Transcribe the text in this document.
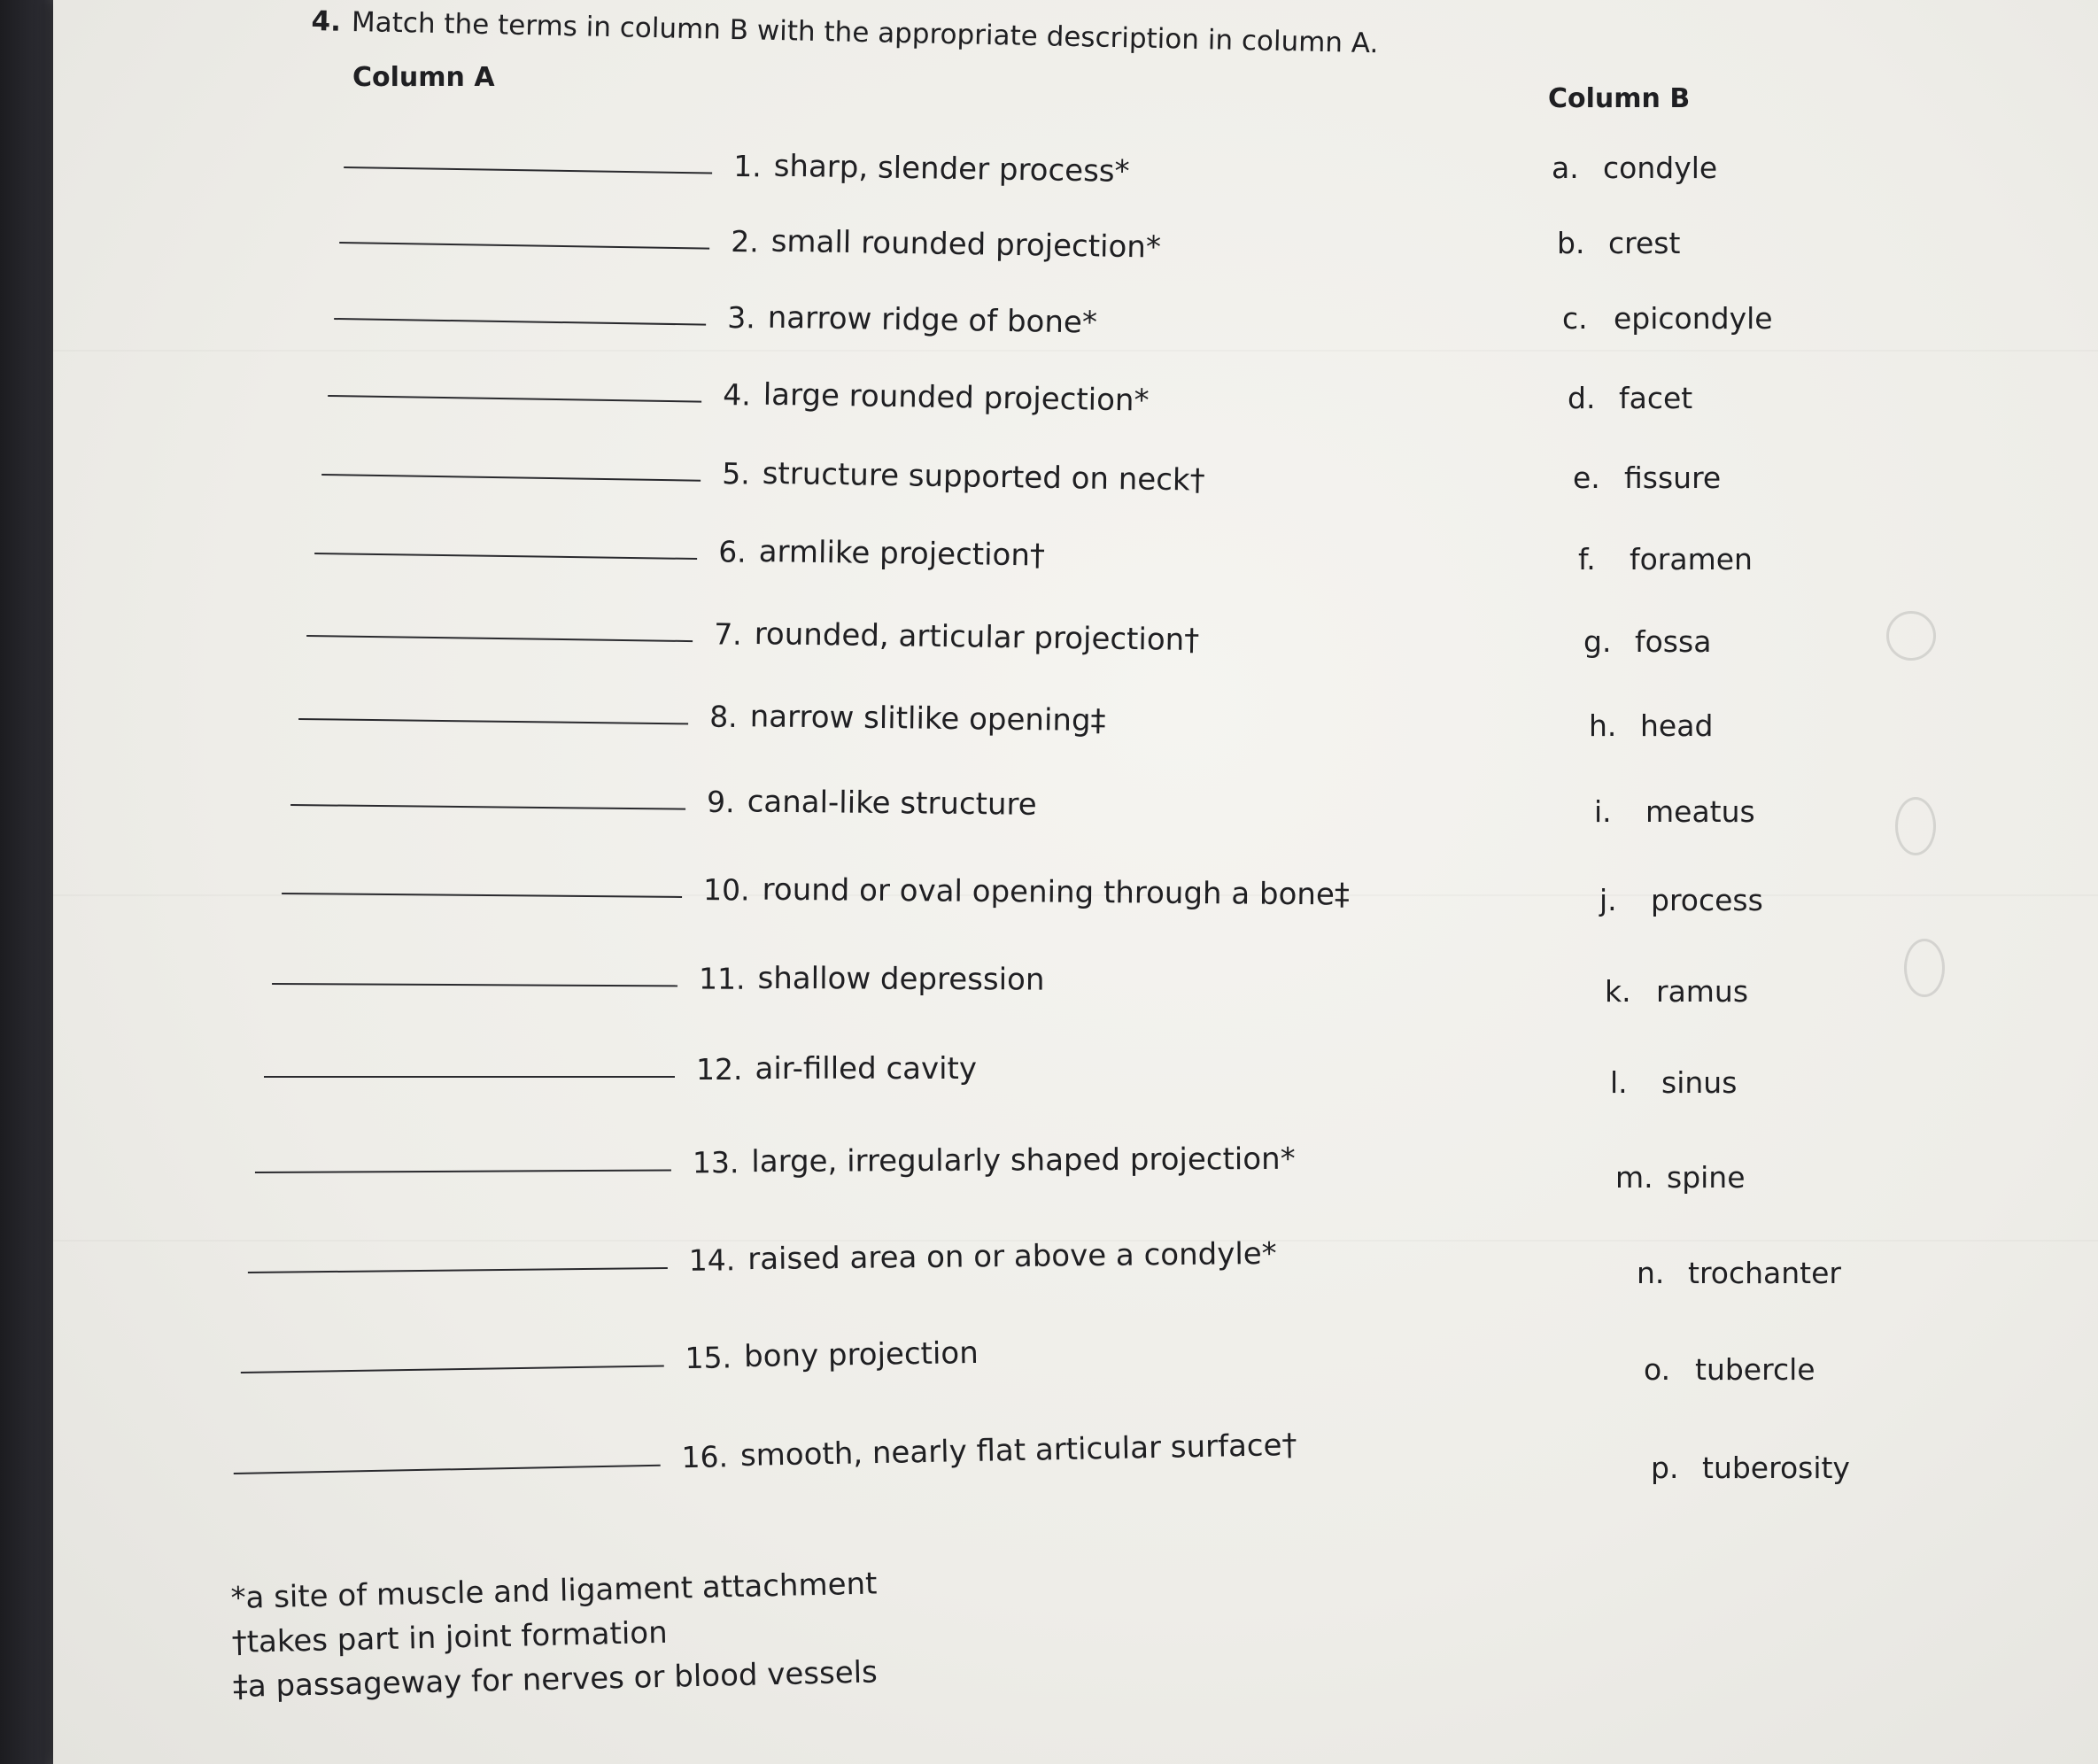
4. Match the terms in column B with the appropriate description in column A.
Column A
Column B
1. sharp, slender process*
2. small rounded projection*
3. narrow ridge of bone*
4. large rounded projection*
5. structure supported on neck†
6. armlike projection†
7. rounded, articular projection†
8. narrow slitlike opening‡
9. canal-like structure
10. round or oval opening through a bone‡
11. shallow depression
12. air-filled cavity
13. large, irregularly shaped projection*
14. raised area on or above a condyle*
15. bony projection
16. smooth, nearly flat articular surface†
a. condyle
b. crest
c. epicondyle
d. facet
e. fissure
f. foramen
g. fossa
h. head
i. meatus
j. process
k. ramus
l. sinus
m. spine
n. trochanter
o. tubercle
p. tuberosity
*a site of muscle and ligament attachment
†takes part in joint formation
‡a passageway for nerves or blood vessels
